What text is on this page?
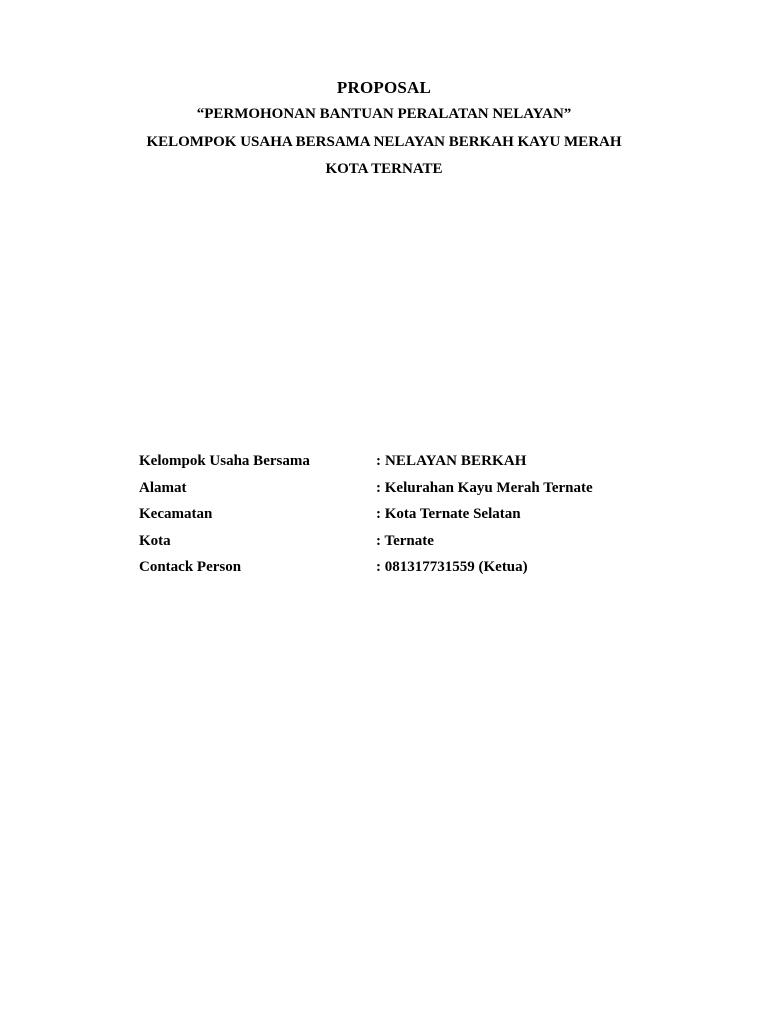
PROPOSAL
“PERMOHONAN BANTUAN PERALATAN NELAYAN”
KELOMPOK USAHA BERSAMA NELAYAN BERKAH KAYU MERAH
KOTA TERNATE
Kelompok Usaha Bersama	: NELAYAN BERKAH
Alamat	: Kelurahan Kayu Merah Ternate
Kecamatan	: Kota Ternate Selatan
Kota	: Ternate
Contack Person	: 081317731559 (Ketua)
